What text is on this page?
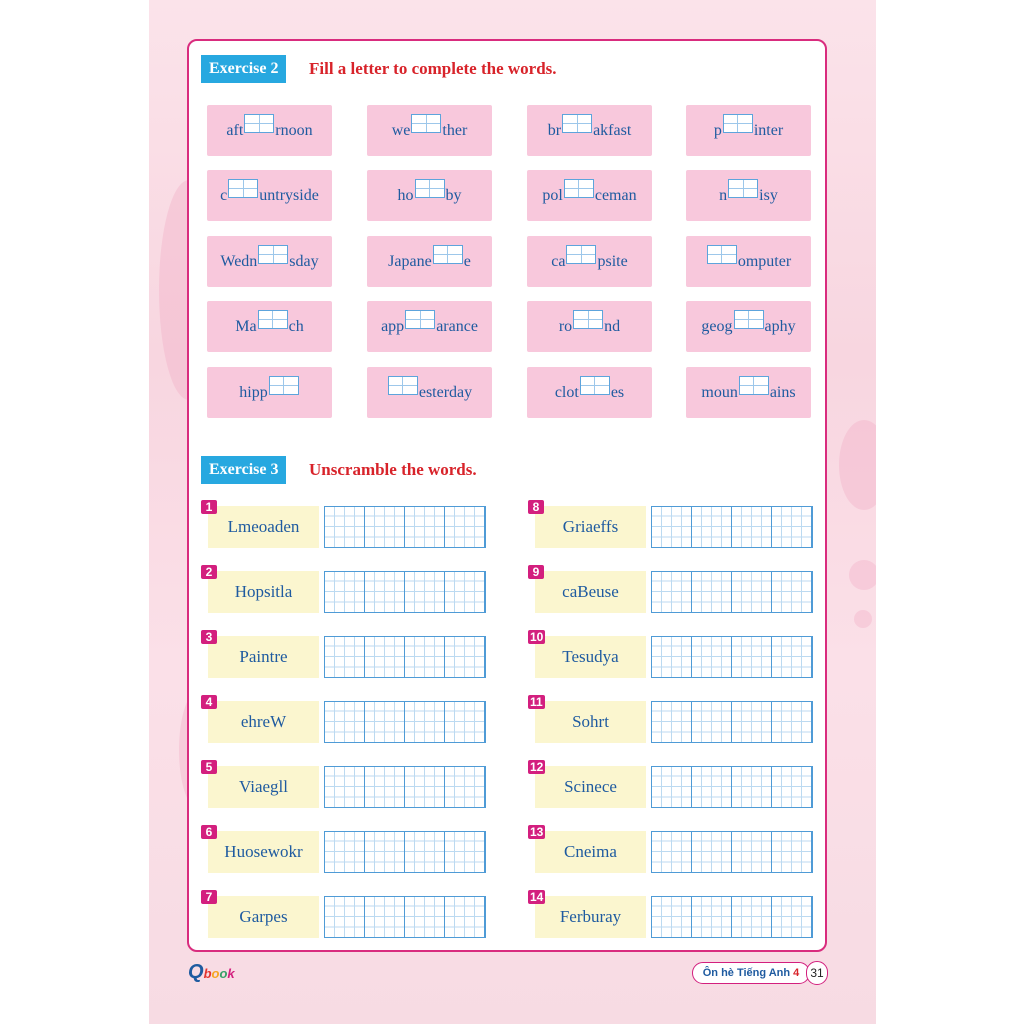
Exercise 2	Fill a letter to complete the words.
aft rnoon	we ther	br akfast	p inter
c untryside	ho by	pol ceman	n isy
Wedn sday	Japane e	ca psite	omputer
Ma ch	app arance	ro nd	geog aphy
hipp	esterday	clot es	moun ains
Exercise 3	Unscramble the words.
Lmeoaden
1
Hopsitla
2
Paintre
3
ehreW
4
Viaegll
5
Huosewokr
6
Garpes
7
Griaeffs
8
caBeuse
9
Tesudya
10
Sohrt
11
Scinece
12
Cneima
13
Ferburay
14
Qbook	Ôn hè Tiếng Anh 4 31
